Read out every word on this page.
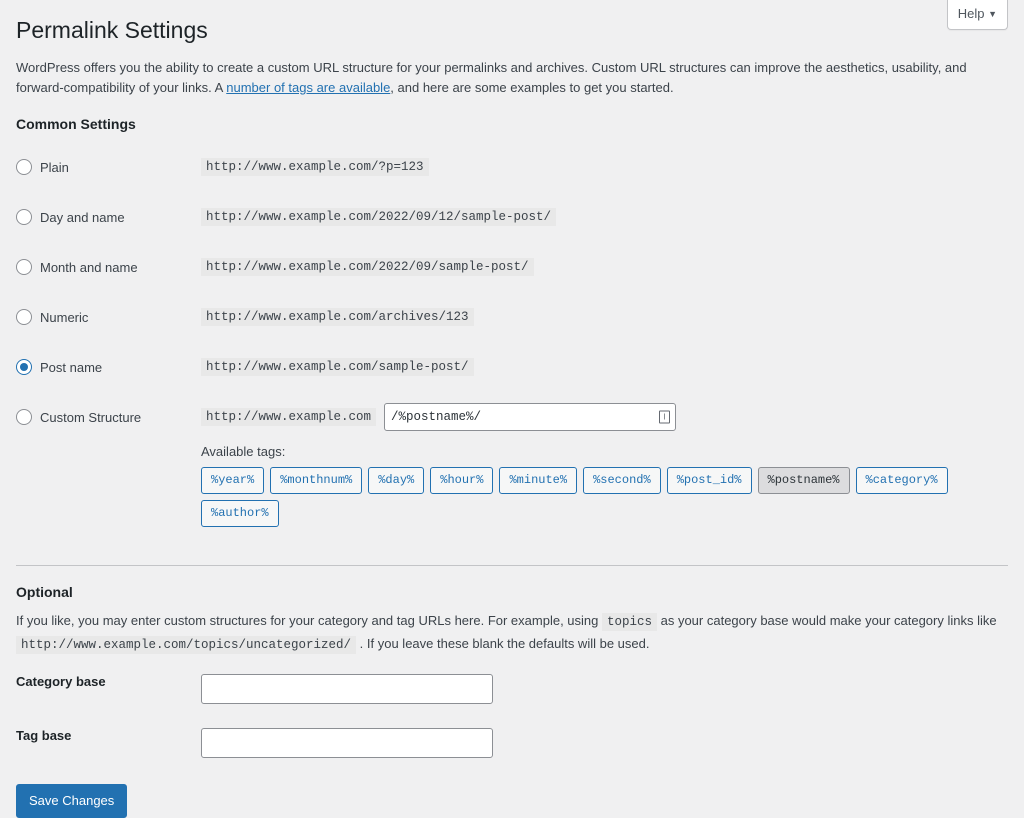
Help ▼
Permalink Settings

WordPress offers you the ability to create a custom URL structure for your permalinks and archives. Custom URL structures can improve the aesthetics, usability, and forward-compatibility of your links. A number of tags are available, and here are some examples to get you started.

Common Settings
Plain	http://www.example.com/?p=123

Day and name	http://www.example.com/2022/09/12/sample-post/

Month and name	http://www.example.com/2022/09/sample-post/

Numeric	http://www.example.com/archives/123

Post name	http://www.example.com/sample-post/

Custom Structure	http://www.example.com
/%postname%/	I
Available tags:
%year%	%monthnum%	%day%	%hour%	%minute%	%second%	%post_id%	%postname%	%category%
%author%
Optional

If you like, you may enter custom structures for your category and tag URLs here. For example, using topics as your category base would make your category links like
http://www.example.com/topics/uncategorized/ . If you leave these blank the defaults will be used.

Category base	
Tag base	
Save Changes
